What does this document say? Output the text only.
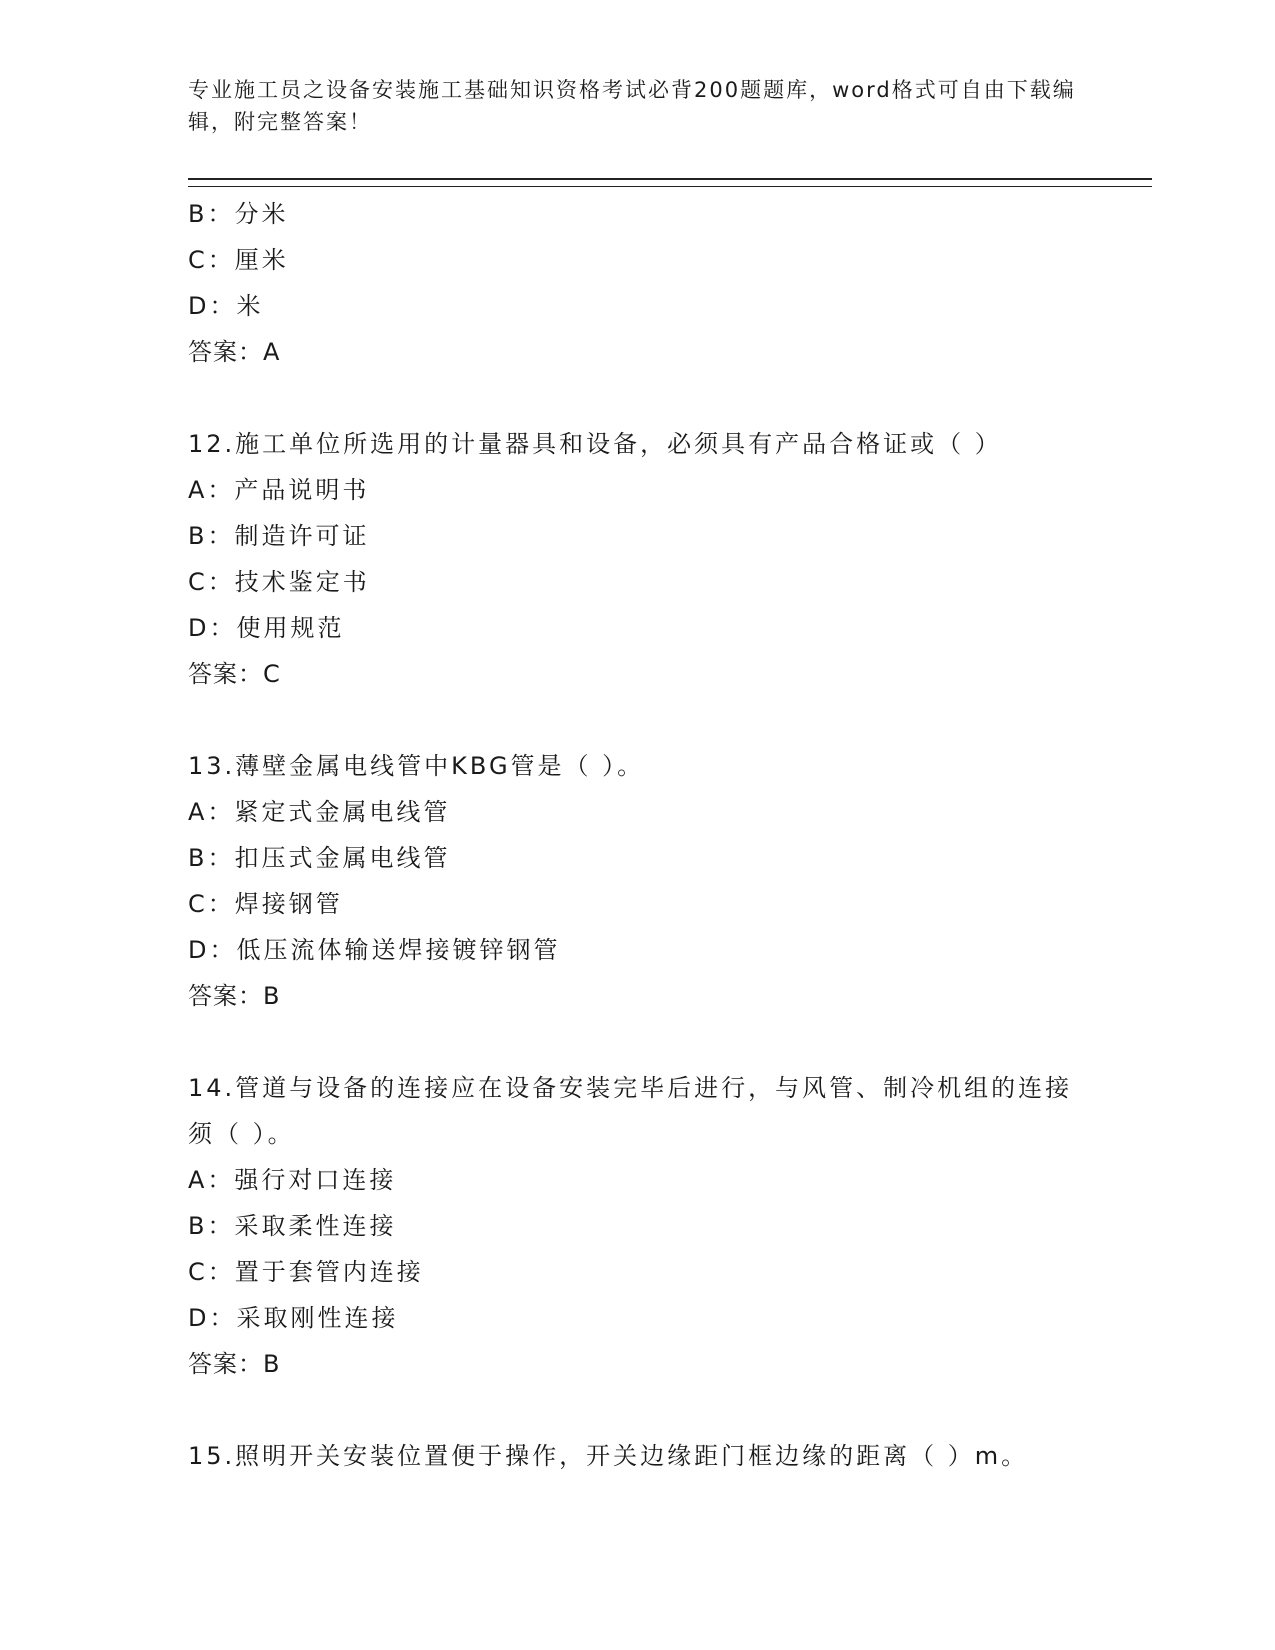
专业施工员之设备安装施工基础知识资格考试必背200题题库，word格式可自由下载编辑，附完整答案！
B：分米
C：厘米
D：米
答案：A
12.施工单位所选用的计量器具和设备，必须具有产品合格证或（ ）
A：产品说明书
B：制造许可证
C：技术鉴定书
D：使用规范
答案：C
13.薄壁金属电线管中KBG管是（ ）。
A：紧定式金属电线管
B：扣压式金属电线管
C：焊接钢管
D：低压流体输送焊接镀锌钢管
答案：B
14.管道与设备的连接应在设备安装完毕后进行，与风管、制冷机组的连接须（ ）。
A：强行对口连接
B：采取柔性连接
C：置于套管内连接
D：采取刚性连接
答案：B
15.照明开关安装位置便于操作，开关边缘距门框边缘的距离（ ）m。
